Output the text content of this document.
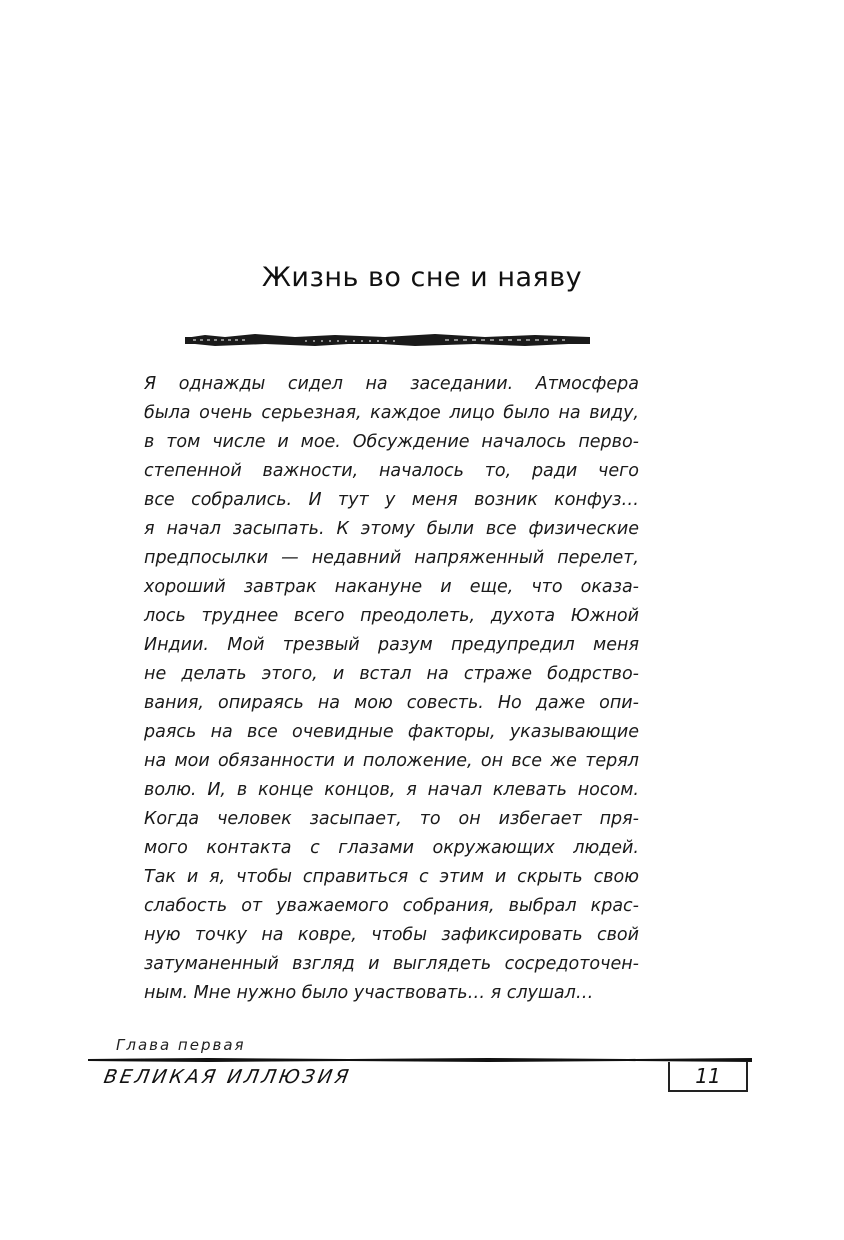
Жизнь во сне и наяву
Я однажды сидел на заседании. Атмосфера
была очень серьезная, каждое лицо было на виду,
в том числе и мое. Обсуждение началось перво-
степенной важности, началось то, ради чего
все собрались. И тут у меня возник конфуз…
я начал засыпать. К этому были все физические
предпосылки — недавний напряженный перелет,
хороший завтрак накануне и еще, что оказа-
лось труднее всего преодолеть, духота Южной
Индии. Мой трезвый разум предупредил меня
не делать этого, и встал на страже бодрство-
вания, опираясь на мою совесть. Но даже опи-
раясь на все очевидные факторы, указывающие
на мои обязанности и положение, он все же терял
волю. И, в конце концов, я начал клевать носом.
Когда человек засыпает, то он избегает пря-
мого контакта с глазами окружающих людей.
Так и я, чтобы справиться с этим и скрыть свою
слабость от уважаемого собрания, выбрал крас-
ную точку на ковре, чтобы зафиксировать свой
затуманенный взгляд и выглядеть сосредоточен-
ным. Мне нужно было участвовать… я слушал…
Глава первая
ВЕЛИКАЯ ИЛЛЮЗИЯ	11
